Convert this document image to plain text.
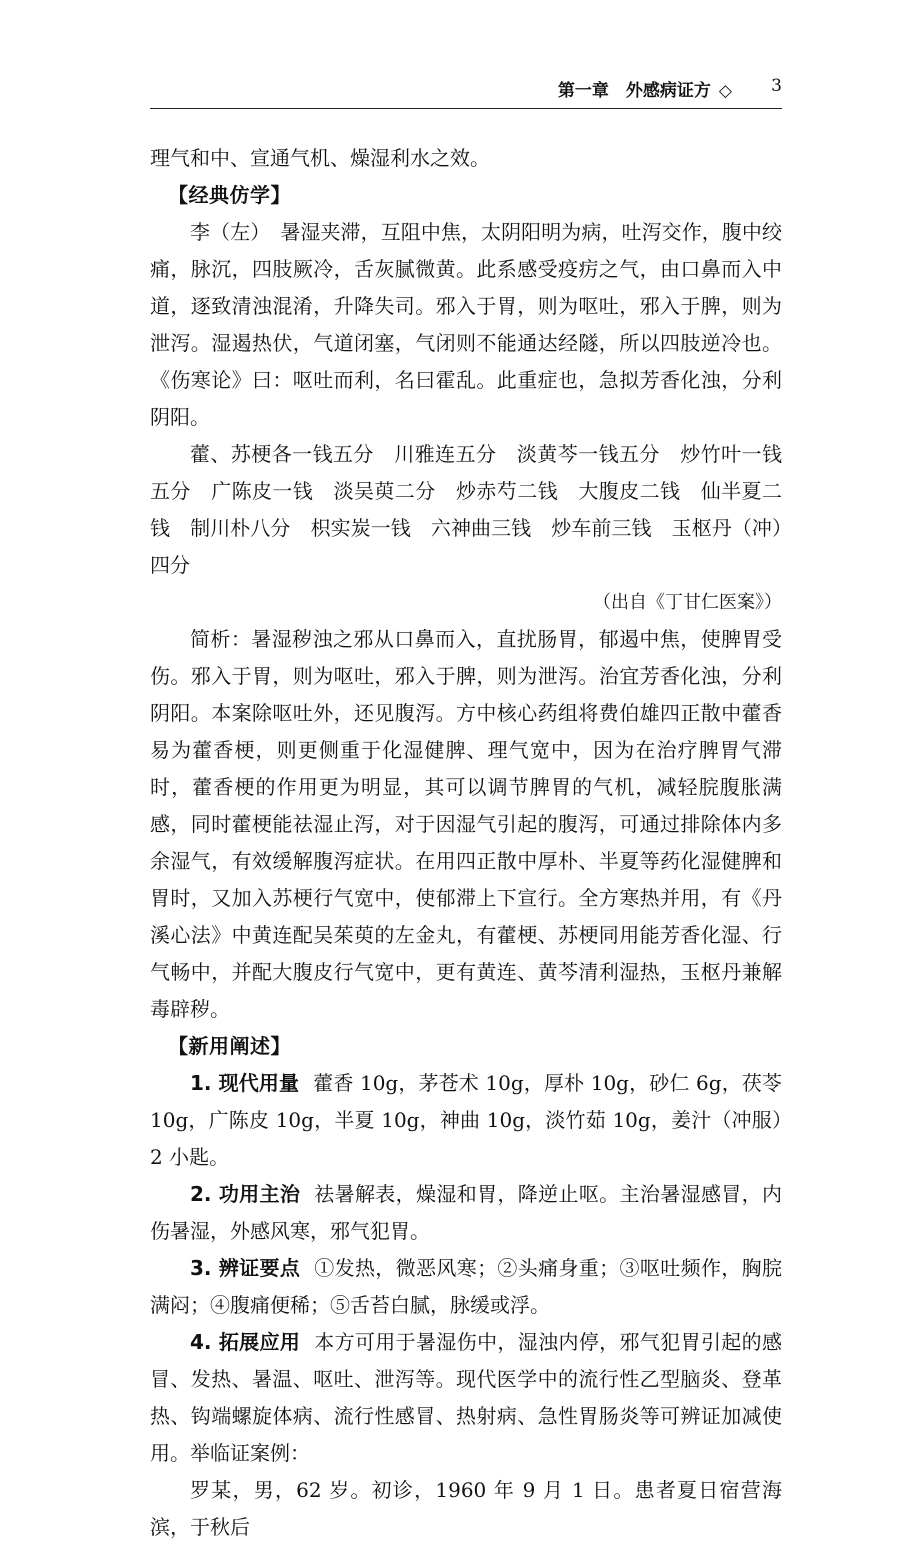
第一章　外感病证方 ◇ 3

理气和中、宣通气机、燥湿利水之效。

【经典仿学】

李（左）　暑湿夹滞，互阻中焦，太阴阳明为病，吐泻交作，腹中绞痛，脉沉，四肢厥冷，舌灰腻微黄。此系感受疫疠之气，由口鼻而入中道，逐致清浊混淆，升降失司。邪入于胃，则为呕吐，邪入于脾，则为泄泻。湿遏热伏，气道闭塞，气闭则不能通达经隧，所以四肢逆冷也。《伤寒论》曰：呕吐而利，名曰霍乱。此重症也，急拟芳香化浊，分利阴阳。

藿、苏梗各一钱五分　川雅连五分　淡黄芩一钱五分　炒竹叶一钱五分　广陈皮一钱　淡吴萸二分　炒赤芍二钱　大腹皮二钱　仙半夏二钱　制川朴八分　枳实炭一钱　六神曲三钱　炒车前三钱　玉枢丹（冲）四分

（出自《丁甘仁医案》）

简析：暑湿秽浊之邪从口鼻而入，直扰肠胃，郁遏中焦，使脾胃受伤。邪入于胃，则为呕吐，邪入于脾，则为泄泻。治宜芳香化浊，分利阴阳。本案除呕吐外，还见腹泻。方中核心药组将费伯雄四正散中藿香易为藿香梗，则更侧重于化湿健脾、理气宽中，因为在治疗脾胃气滞时，藿香梗的作用更为明显，其可以调节脾胃的气机，减轻脘腹胀满感，同时藿梗能祛湿止泻，对于因湿气引起的腹泻，可通过排除体内多余湿气，有效缓解腹泻症状。在用四正散中厚朴、半夏等药化湿健脾和胃时，又加入苏梗行气宽中，使郁滞上下宣行。全方寒热并用，有《丹溪心法》中黄连配吴茱萸的左金丸，有藿梗、苏梗同用能芳香化湿、行气畅中，并配大腹皮行气宽中，更有黄连、黄芩清利湿热，玉枢丹兼解毒辟秽。

【新用阐述】

1. 现代用量 藿香 10g，茅苍术 10g，厚朴 10g，砂仁 6g，茯苓 10g，广陈皮 10g，半夏 10g，神曲 10g，淡竹茹 10g，姜汁（冲服）2 小匙。

2. 功用主治 祛暑解表，燥湿和胃，降逆止呕。主治暑湿感冒，内伤暑湿，外感风寒，邪气犯胃。

3. 辨证要点 ①发热，微恶风寒；②头痛身重；③呕吐频作，胸脘满闷；④腹痛便稀；⑤舌苔白腻，脉缓或浮。

4. 拓展应用 本方可用于暑湿伤中，湿浊内停，邪气犯胃引起的感冒、发热、暑温、呕吐、泄泻等。现代医学中的流行性乙型脑炎、登革热、钩端螺旋体病、流行性感冒、热射病、急性胃肠炎等可辨证加减使用。举临证案例：

罗某，男，62 岁。初诊，1960 年 9 月 1 日。患者夏日宿营海滨，于秋后
